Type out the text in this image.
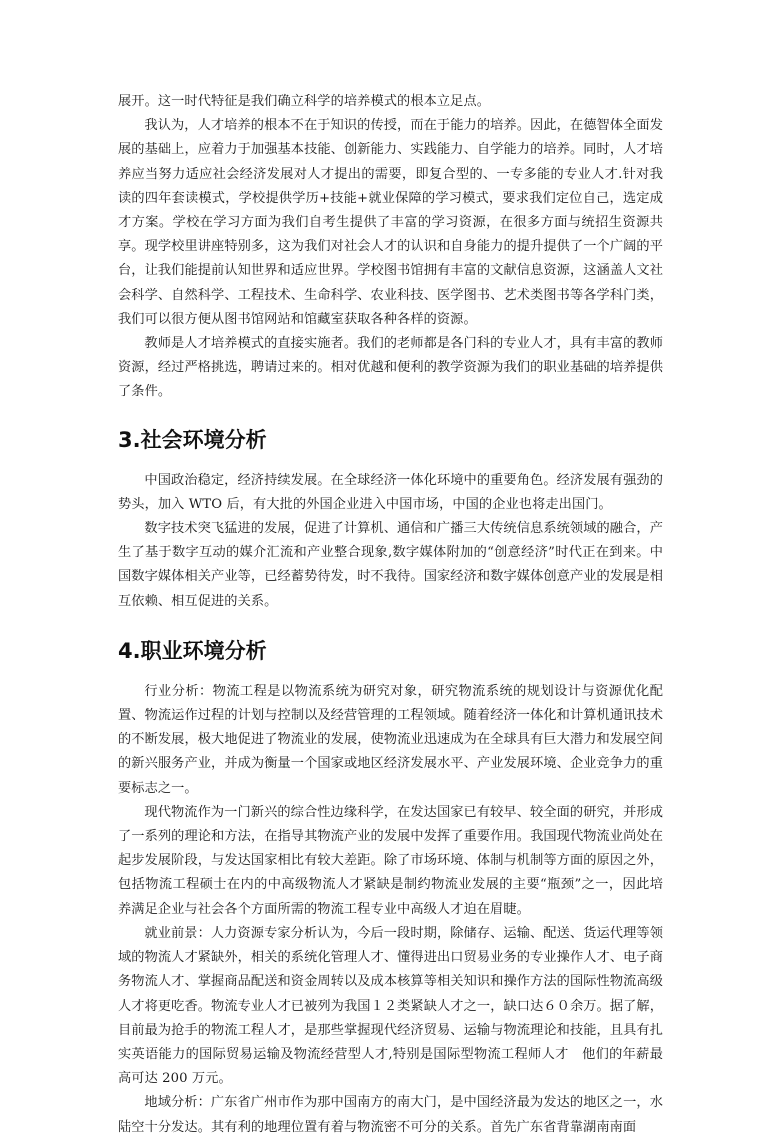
展开。这一时代特征是我们确立科学的培养模式的根本立足点。

我认为，人才培养的根本不在于知识的传授，而在于能力的培养。因此，在德智体全面发展的基础上，应着力于加强基本技能、创新能力、实践能力、自学能力的培养。同时，人才培养应当努力适应社会经济发展对人才提出的需要，即复合型的、一专多能的专业人才.针对我读的四年套读模式，学校提供学历+技能+就业保障的学习模式，要求我们定位自己，选定成才方案。学校在学习方面为我们自考生提供了丰富的学习资源，在很多方面与统招生资源共享。现学校里讲座特别多，这为我们对社会人才的认识和自身能力的提升提供了一个广阔的平台，让我们能提前认知世界和适应世界。学校图书馆拥有丰富的文献信息资源，这涵盖人文社会科学、自然科学、工程技术、生命科学、农业科技、医学图书、艺术类图书等各学科门类，我们可以很方便从图书馆网站和馆藏室获取各种各样的资源。

教师是人才培养模式的直接实施者。我们的老师都是各门科的专业人才，具有丰富的教师资源，经过严格挑选，聘请过来的。相对优越和便利的教学资源为我们的职业基础的培养提供了条件。

3.社会环境分析

中国政治稳定，经济持续发展。在全球经济一体化环境中的重要角色。经济发展有强劲的势头，加入 WTO 后，有大批的外国企业进入中国市场，中国的企业也将走出国门。

数字技术突飞猛进的发展，促进了计算机、通信和广播三大传统信息系统领域的融合，产生了基于数字互动的媒介汇流和产业整合现象,数字媒体附加的“创意经济”时代正在到来。中国数字媒体相关产业等，已经蓄势待发，时不我待。国家经济和数字媒体创意产业的发展是相互依赖、相互促进的关系。

4.职业环境分析

行业分析：物流工程是以物流系统为研究对象，研究物流系统的规划设计与资源优化配置、物流运作过程的计划与控制以及经营管理的工程领域。随着经济一体化和计算机通讯技术的不断发展，极大地促进了物流业的发展，使物流业迅速成为在全球具有巨大潜力和发展空间的新兴服务产业，并成为衡量一个国家或地区经济发展水平、产业发展环境、企业竞争力的重要标志之一。

现代物流作为一门新兴的综合性边缘科学，在发达国家已有较早、较全面的研究，并形成了一系列的理论和方法，在指导其物流产业的发展中发挥了重要作用。我国现代物流业尚处在起步发展阶段，与发达国家相比有较大差距。除了市场环境、体制与机制等方面的原因之外，包括物流工程硕士在内的中高级物流人才紧缺是制约物流业发展的主要“瓶颈”之一，因此培养满足企业与社会各个方面所需的物流工程专业中高级人才迫在眉睫。

就业前景：人力资源专家分析认为，今后一段时期，除储存、运输、配送、货运代理等领域的物流人才紧缺外，相关的系统化管理人才、懂得进出口贸易业务的专业操作人才、电子商务物流人才、掌握商品配送和资金周转以及成本核算等相关知识和操作方法的国际性物流高级人才将更吃香。物流专业人才已被列为我国１２类紧缺人才之一，缺口达６０余万。据了解，目前最为抢手的物流工程人才，是那些掌握现代经济贸易、运输与物流理论和技能，且具有扎实英语能力的国际贸易运输及物流经营型人才,特别是国际型物流工程师人才　他们的年薪最高可达 200 万元。

地域分析：广东省广州市作为那中国南方的南大门，是中国经济最为发达的地区之一，水陆空十分发达。其有利的地理位置有着与物流密不可分的关系。首先广东省背靠湖南南面
